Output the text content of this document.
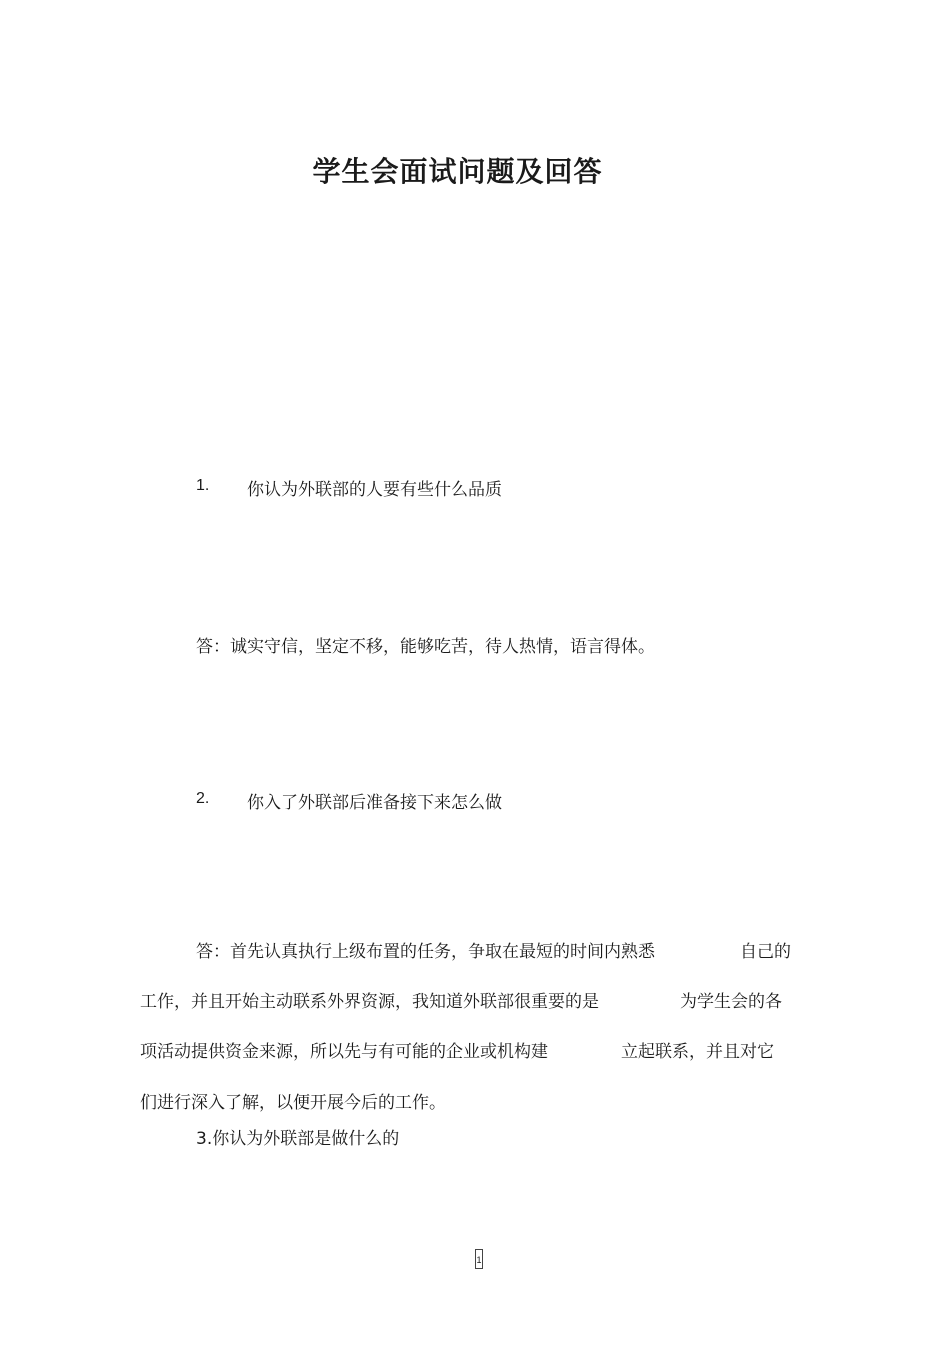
学生会面试问题及回答
1. 你认为外联部的人要有些什么品质

答：诚实守信，坚定不移，能够吃苦，待人热情，语言得体。

2. 你入了外联部后准备接下来怎么做
答：首先认真执行上级布置的任务，争取在最短的时间内熟悉	自己的
工作，并且开始主动联系外界资源，我知道外联部很重要的是	为学生会的各
项活动提供资金来源，所以先与有可能的企业或机构建	立起联系，并且对它
们进行深入了解，以便开展今后的工作。
3.你认为外联部是做什么的
1
